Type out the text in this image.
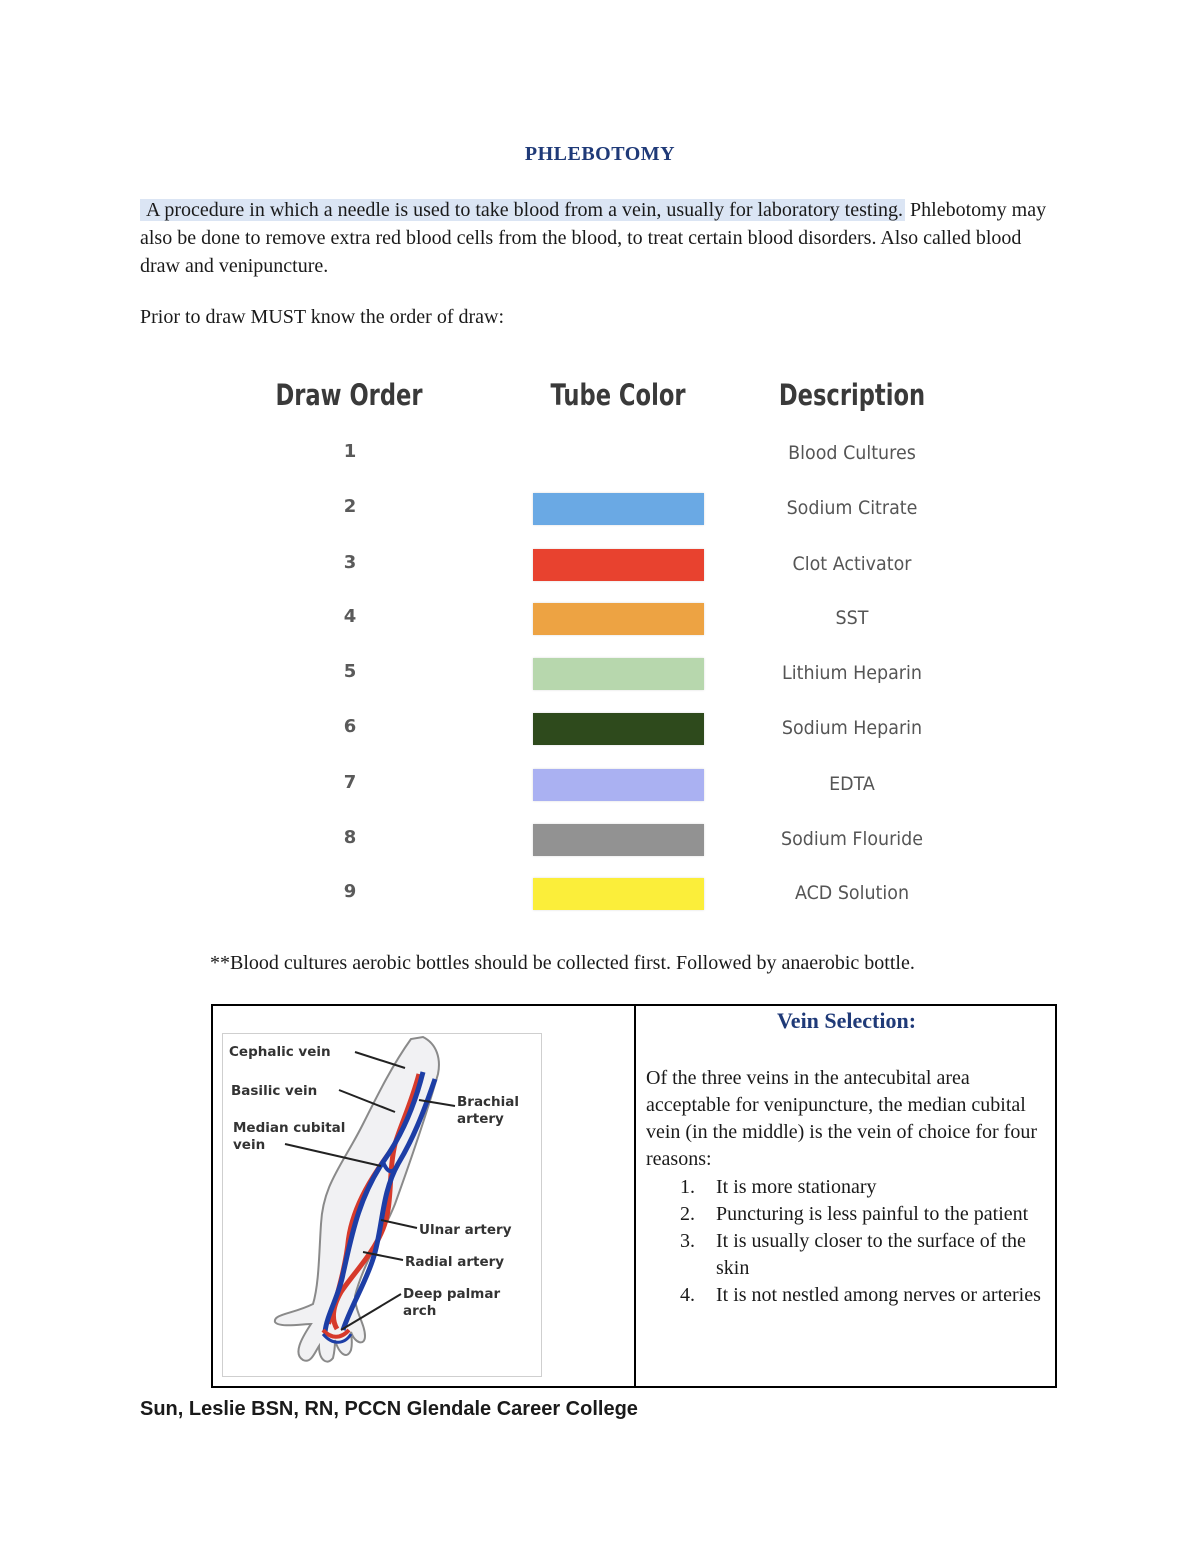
PHLEBOTOMY
A procedure in which a needle is used to take blood from a vein, usually for laboratory testing. Phlebotomy may also be done to remove extra red blood cells from the blood, to treat certain blood disorders. Also called blood draw and venipuncture.
Prior to draw MUST know the order of draw:
Draw Order	Tube Color	Description
1	Blood Cultures
2	Sodium Citrate
3	Clot Activator
4	SST
5	Lithium Heparin
6	Sodium Heparin
7	EDTA
8	Sodium Flouride
9	ACD Solution
**Blood cultures aerobic bottles should be collected first. Followed by anaerobic bottle.
Cephalic vein
Basilic vein
Median cubital
vein
Brachial
artery
Ulnar artery
Radial artery
Deep palmar
arch
Vein Selection:
Of the three veins in the antecubital area acceptable for venipuncture, the median cubital vein (in the middle) is the vein of choice for four reasons:
1. It is more stationary
2. Puncturing is less painful to the patient
3. It is usually closer to the surface of the skin
4. It is not nestled among nerves or arteries
Sun, Leslie BSN, RN, PCCN Glendale Career College
